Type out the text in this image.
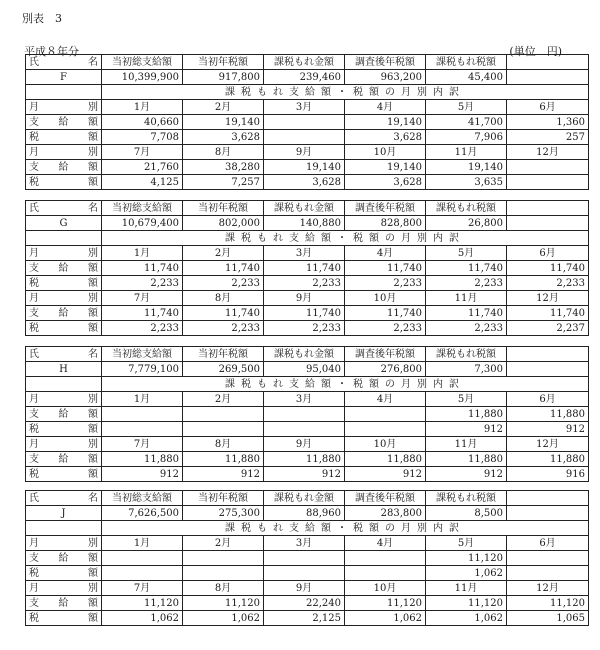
別表　3
平成８年分	(単位　円)
氏　　名	当初総支給額	当初年税額	課税もれ金額	調査後年税額	課税もれ税額	
F	10,399,900	917,800	239,460	963,200	45,400	
	課税もれ支給額・税額の月別内訳					
月　　別	1月	2月	3月	4月	5月	6月
支　給　額	40,660	19,140		19,140	41,700	1,360
税　　額	7,708	3,628		3,628	7,906	257
月　　別	7月	8月	9月	10月	11月	12月
支　給　額	21,760	38,280	19,140	19,140	19,140	
税　　額	4,125	7,257	3,628	3,628	3,635	
氏　　名	当初総支給額	当初年税額	課税もれ金額	調査後年税額	課税もれ税額	
G	10,679,400	802,000	140,880	828,800	26,800	
	課税もれ支給額・税額の月別内訳					
月　　別	1月	2月	3月	4月	5月	6月
支　給　額	11,740	11,740	11,740	11,740	11,740	11,740
税　　額	2,233	2,233	2,233	2,233	2,233	2,233
月　　別	7月	8月	9月	10月	11月	12月
支　給　額	11,740	11,740	11,740	11,740	11,740	11,740
税　　額	2,233	2,233	2,233	2,233	2,233	2,237
氏　　名	当初総支給額	当初年税額	課税もれ金額	調査後年税額	課税もれ税額	
H	7,779,100	269,500	95,040	276,800	7,300	
	課税もれ支給額・税額の月別内訳					
月　　別	1月	2月	3月	4月	5月	6月
支　給　額					11,880	11,880
税　　額					912	912
月　　別	7月	8月	9月	10月	11月	12月
支　給　額	11,880	11,880	11,880	11,880	11,880	11,880
税　　額	912	912	912	912	912	916
氏　　名	当初総支給額	当初年税額	課税もれ金額	調査後年税額	課税もれ税額	
J	7,626,500	275,300	88,960	283,800	8,500	
	課税もれ支給額・税額の月別内訳					
月　　別	1月	2月	3月	4月	5月	6月
支　給　額					11,120	
税　　額					1,062	
月　　別	7月	8月	9月	10月	11月	12月
支　給　額	11,120	11,120	22,240	11,120	11,120	11,120
税　　額	1,062	1,062	2,125	1,062	1,062	1,065
